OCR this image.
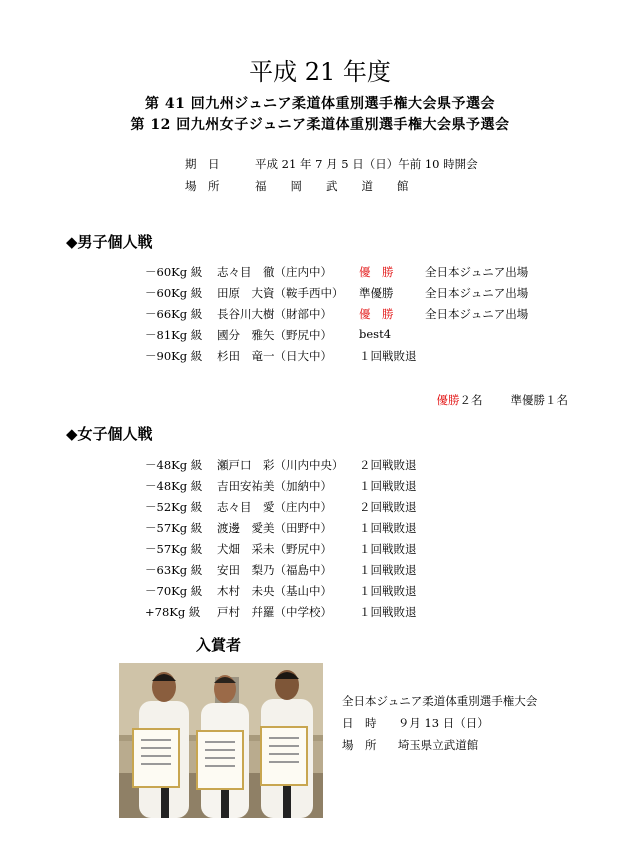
平成 21 年度
第 41 回九州ジュニア柔道体重別選手権大会県予選会
第 12 回九州女子ジュニア柔道体重別選手権大会県予選会
期　日	平成 21 年 7 月 5 日（日）午前 10 時開会
場　所	福岡武道館
◆男子個人戦
－60Kg 級 志々目　徹（庄内中） 優　勝	全日本ジュニア出場
－60Kg 級 田原　大資（鞍手西中） 準優勝	全日本ジュニア出場
－66Kg 級 長谷川大樹（財部中） 優　勝	全日本ジュニア出場
－81Kg 級 國分　雅矢（野尻中） best4
－90Kg 級 杉田　竜一（日大中） １回戦敗退
優勝２名 準優勝１名
◆女子個人戦
－48Kg 級 瀬戸口　彩（川内中央） ２回戦敗退
－48Kg 級 吉田安祐美（加納中） １回戦敗退
－52Kg 級 志々目　愛（庄内中） ２回戦敗退
－57Kg 級 渡邊　愛美（田野中） １回戦敗退
－57Kg 級 犬畑　采未（野尻中） １回戦敗退
－63Kg 級 安田　梨乃（福島中） １回戦敗退
－70Kg 級 木村　未央（基山中） １回戦敗退
+78Kg 級 戸村　幷羅（中学校） １回戦敗退
入賞者
全日本ジュニア柔道体重別選手権大会
日　時 ９月 13 日（日）
場　所 埼玉県立武道館
